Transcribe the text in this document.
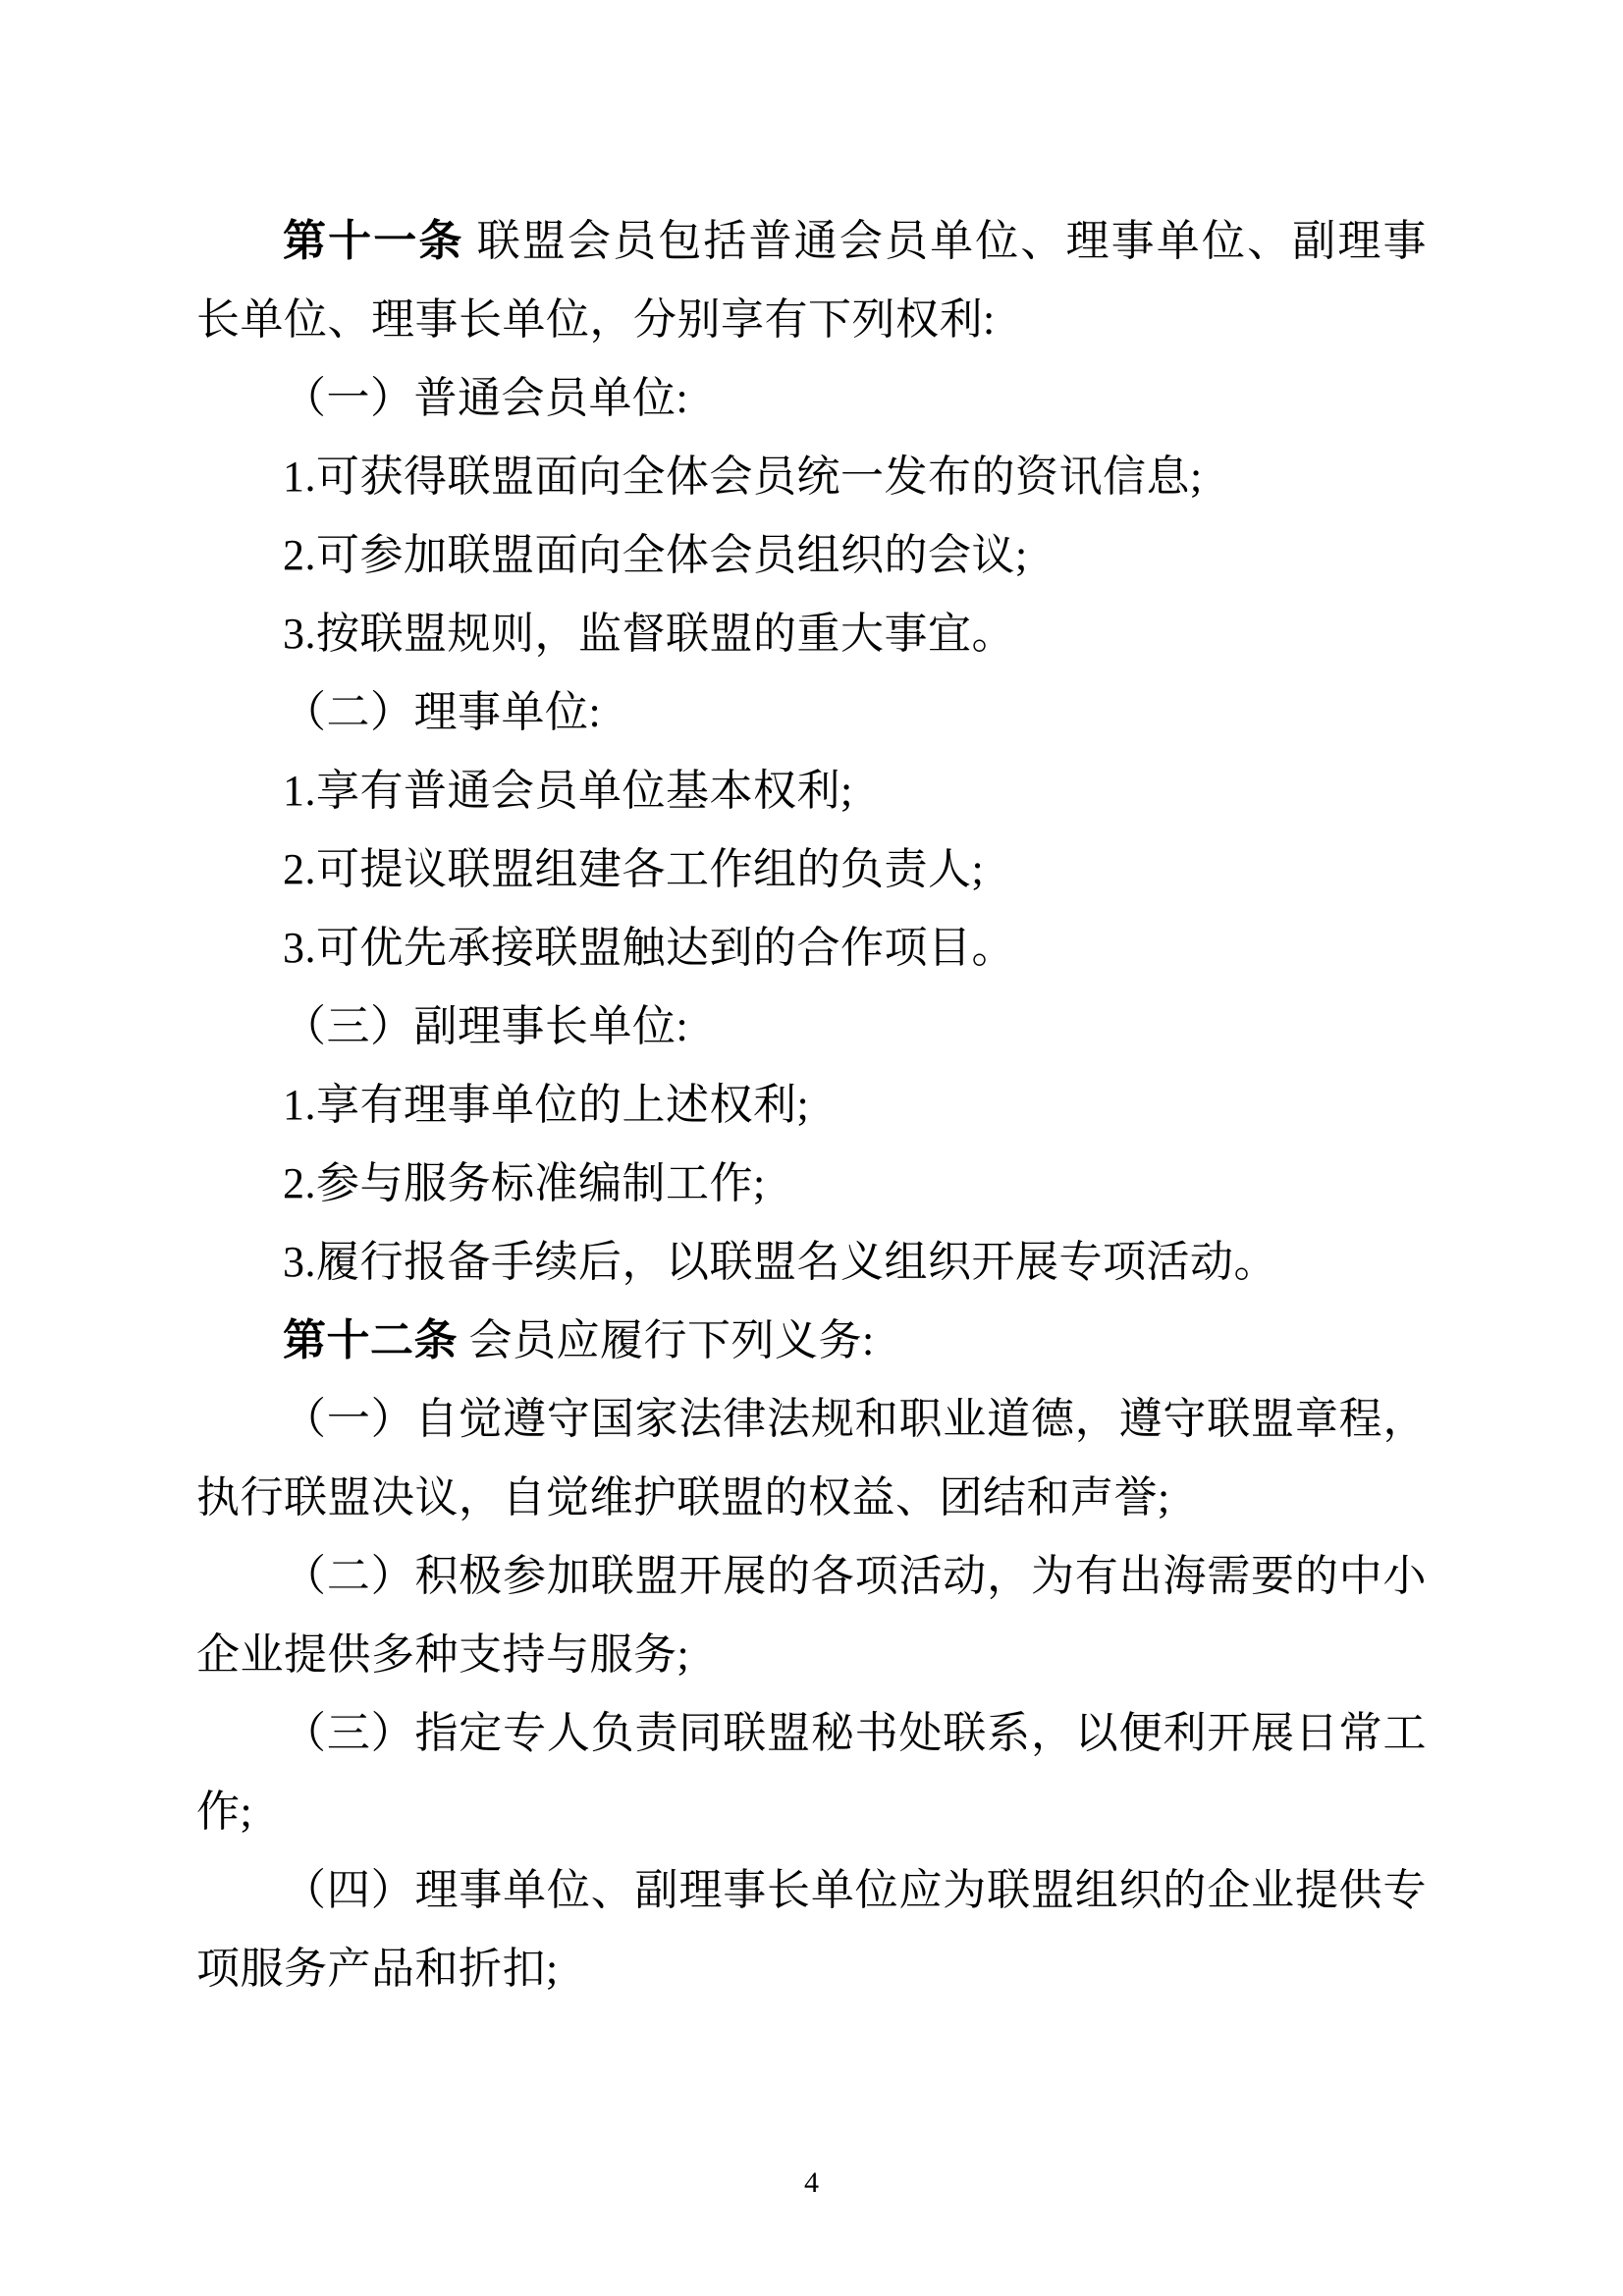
第十一条 联盟会员包括普通会员单位、理事单位、副理事
长单位、理事长单位，分别享有下列权利:
（一）普通会员单位:
1.可获得联盟面向全体会员统一发布的资讯信息;
2.可参加联盟面向全体会员组织的会议;
3.按联盟规则，监督联盟的重大事宜。
（二）理事单位:
1.享有普通会员单位基本权利;
2.可提议联盟组建各工作组的负责人;
3.可优先承接联盟触达到的合作项目。
（三）副理事长单位:
1.享有理事单位的上述权利;
2.参与服务标准编制工作;
3.履行报备手续后，以联盟名义组织开展专项活动。
第十二条 会员应履行下列义务:
（一）自觉遵守国家法律法规和职业道德，遵守联盟章程，
执行联盟决议，自觉维护联盟的权益、团结和声誉;
（二）积极参加联盟开展的各项活动，为有出海需要的中小
企业提供多种支持与服务;
（三）指定专人负责同联盟秘书处联系，以便利开展日常工
作;
（四）理事单位、副理事长单位应为联盟组织的企业提供专
项服务产品和折扣;
4
